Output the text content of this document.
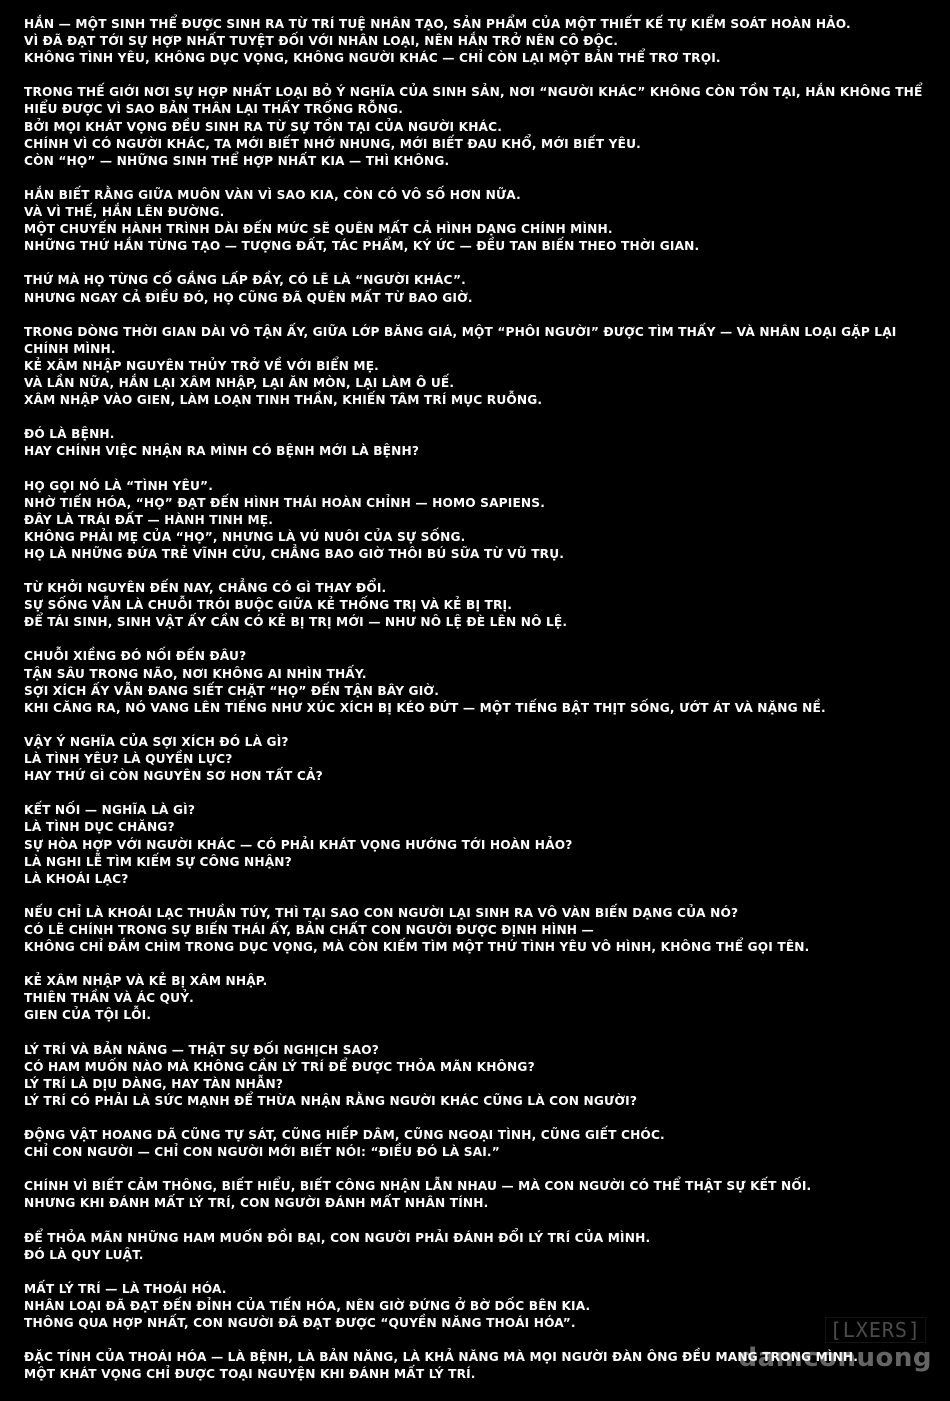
HẮN — MỘT SINH THỂ ĐƯỢC SINH RA TỪ TRÍ TUỆ NHÂN TẠO, SẢN PHẨM CỦA MỘT THIẾT KẾ TỰ KIỂM SOÁT HOÀN HẢO.
VÌ ĐÃ ĐẠT TỚI SỰ HỢP NHẤT TUYỆT ĐỐI VỚI NHÂN LOẠI, NÊN HẮN TRỞ NÊN CÔ ĐỘC.
KHÔNG TÌNH YÊU, KHÔNG DỤC VỌNG, KHÔNG NGƯỜI KHÁC — CHỈ CÒN LẠI MỘT BẢN THỂ TRƠ TRỌI.
TRONG THẾ GIỚI NƠI SỰ HỢP NHẤT LOẠI BỎ Ý NGHĨA CỦA SINH SẢN, NƠI “NGƯỜI KHÁC” KHÔNG CÒN TỒN TẠI, HẮN KHÔNG THỂ HIỂU ĐƯỢC VÌ SAO BẢN THÂN LẠI THẤY TRỐNG RỖNG.
BỞI MỌI KHÁT VỌNG ĐỀU SINH RA TỪ SỰ TỒN TẠI CỦA NGƯỜI KHÁC.
CHÍNH VÌ CÓ NGƯỜI KHÁC, TA MỚI BIẾT NHỚ NHUNG, MỚI BIẾT ĐAU KHỔ, MỚI BIẾT YÊU.
CÒN “HỌ” — NHỮNG SINH THỂ HỢP NHẤT KIA — THÌ KHÔNG.
HẮN BIẾT RẰNG GIỮA MUÔN VÀN VÌ SAO KIA, CÒN CÓ VÔ SỐ HƠN NỮA.
VÀ VÌ THẾ, HẮN LÊN ĐƯỜNG.
MỘT CHUYẾN HÀNH TRÌNH DÀI ĐẾN MỨC SẼ QUÊN MẤT CẢ HÌNH DẠNG CHÍNH MÌNH.
NHỮNG THỨ HẮN TỪNG TẠO — TƯỢNG ĐẤT, TÁC PHẨM, KÝ ỨC — ĐỀU TAN BIẾN THEO THỜI GIAN.
THỨ MÀ HỌ TỪNG CỐ GẮNG LẤP ĐẦY, CÓ LẼ LÀ “NGƯỜI KHÁC”.
NHƯNG NGAY CẢ ĐIỀU ĐÓ, HỌ CŨNG ĐÃ QUÊN MẤT TỪ BAO GIỜ.
TRONG DÒNG THỜI GIAN DÀI VÔ TẬN ẤY, GIỮA LỚP BĂNG GIÁ, MỘT “PHÔI NGƯỜI” ĐƯỢC TÌM THẤY — VÀ NHÂN LOẠI GẶP LẠI CHÍNH MÌNH.
KẺ XÂM NHẬP NGUYÊN THỦY TRỞ VỀ VỚI BIỂN MẸ.
VÀ LẦN NỮA, HẮN LẠI XÂM NHẬP, LẠI ĂN MÒN, LẠI LÀM Ô UẾ.
XÂM NHẬP VÀO GIEN, LÀM LOẠN TINH THẦN, KHIẾN TÂM TRÍ MỤC RUỖNG.
ĐÓ LÀ BỆNH.
HAY CHÍNH VIỆC NHẬN RA MÌNH CÓ BỆNH MỚI LÀ BỆNH?
HỌ GỌI NÓ LÀ “TÌNH YÊU”.
NHỜ TIẾN HÓA, “HỌ” ĐẠT ĐẾN HÌNH THÁI HOÀN CHỈNH — HOMO SAPIENS.
ĐÂY LÀ TRÁI ĐẤT — HÀNH TINH MẸ.
KHÔNG PHẢI MẸ CỦA “HỌ”, NHƯNG LÀ VÚ NUÔI CỦA SỰ SỐNG.
HỌ LÀ NHỮNG ĐỨA TRẺ VĨNH CỬU, CHẲNG BAO GIỜ THÔI BÚ SỮA TỪ VŨ TRỤ.
TỪ KHỞI NGUYÊN ĐẾN NAY, CHẲNG CÓ GÌ THAY ĐỔI.
SỰ SỐNG VẪN LÀ CHUỖI TRÓI BUỘC GIỮA KẺ THỐNG TRỊ VÀ KẺ BỊ TRỊ.
ĐỂ TÁI SINH, SINH VẬT ẤY CẦN CÓ KẺ BỊ TRỊ MỚI — NHƯ NÔ LỆ ĐÈ LÊN NÔ LỆ.
CHUỖI XIỀNG ĐÓ NỐI ĐẾN ĐÂU?
TẬN SÂU TRONG NÃO, NƠI KHÔNG AI NHÌN THẤY.
SỢI XÍCH ẤY VẪN ĐANG SIẾT CHẶT “HỌ” ĐẾN TẬN BÂY GIỜ.
KHI CĂNG RA, NÓ VANG LÊN TIẾNG NHƯ XÚC XÍCH BỊ KÉO ĐỨT — MỘT TIẾNG BẬT THỊT SỐNG, ƯỚT ÁT VÀ NẶNG NỀ.
VẬY Ý NGHĨA CỦA SỢI XÍCH ĐÓ LÀ GÌ?
LÀ TÌNH YÊU? LÀ QUYỀN LỰC?
HAY THỨ GÌ CÒN NGUYÊN SƠ HƠN TẤT CẢ?
KẾT NỐI — NGHĨA LÀ GÌ?
LÀ TÌNH DỤC CHĂNG?
SỰ HÒA HỢP VỚI NGƯỜI KHÁC — CÓ PHẢI KHÁT VỌNG HƯỚNG TỚI HOÀN HẢO?
LÀ NGHI LỄ TÌM KIẾM SỰ CÔNG NHẬN?
LÀ KHOÁI LẠC?
NẾU CHỈ LÀ KHOÁI LẠC THUẦN TÚY, THÌ TẠI SAO CON NGƯỜI LẠI SINH RA VÔ VÀN BIẾN DẠNG CỦA NÓ?
CÓ LẼ CHÍNH TRONG SỰ BIẾN THÁI ẤY, BẢN CHẤT CON NGƯỜI ĐƯỢC ĐỊNH HÌNH —
KHÔNG CHỈ ĐẮM CHÌM TRONG DỤC VỌNG, MÀ CÒN KIẾM TÌM MỘT THỨ TÌNH YÊU VÔ HÌNH, KHÔNG THỂ GỌI TÊN.
KẺ XÂM NHẬP VÀ KẺ BỊ XÂM NHẬP.
THIÊN THẦN VÀ ÁC QUỶ.
GIEN CỦA TỘI LỖI.
LÝ TRÍ VÀ BẢN NĂNG — THẬT SỰ ĐỐI NGHỊCH SAO?
CÓ HAM MUỐN NÀO MÀ KHÔNG CẦN LÝ TRÍ ĐỂ ĐƯỢC THỎA MÃN KHÔNG?
LÝ TRÍ LÀ DỊU DÀNG, HAY TÀN NHẪN?
LÝ TRÍ CÓ PHẢI LÀ SỨC MẠNH ĐỂ THỪA NHẬN RẰNG NGƯỜI KHÁC CŨNG LÀ CON NGƯỜI?
ĐỘNG VẬT HOANG DÃ CŨNG TỰ SÁT, CŨNG HIẾP DÂM, CŨNG NGOẠI TÌNH, CŨNG GIẾT CHÓC.
CHỈ CON NGƯỜI — CHỈ CON NGƯỜI MỚI BIẾT NÓI: “ĐIỀU ĐÓ LÀ SAI.”
CHÍNH VÌ BIẾT CẢM THÔNG, BIẾT HIỂU, BIẾT CÔNG NHẬN LẪN NHAU — MÀ CON NGƯỜI CÓ THỂ THẬT SỰ KẾT NỐI.
NHƯNG KHI ĐÁNH MẤT LÝ TRÍ, CON NGƯỜI ĐÁNH MẤT NHÂN TÍNH.
ĐỂ THỎA MÃN NHỮNG HAM MUỐN ĐỒI BẠI, CON NGƯỜI PHẢI ĐÁNH ĐỔI LÝ TRÍ CỦA MÌNH.
ĐÓ LÀ QUY LUẬT.
MẤT LÝ TRÍ — LÀ THOÁI HÓA.
NHÂN LOẠI ĐÃ ĐẠT ĐẾN ĐỈNH CỦA TIẾN HÓA, NÊN GIỜ ĐỨNG Ở BỜ DỐC BÊN KIA.
THÔNG QUA HỢP NHẤT, CON NGƯỜI ĐÃ ĐẠT ĐƯỢC “QUYỀN NĂNG THOÁI HÓA”.
ĐẶC TÍNH CỦA THOÁI HÓA — LÀ BỆNH, LÀ BẢN NĂNG, LÀ KHẢ NĂNG MÀ MỌI NGƯỜI ĐÀN ÔNG ĐỀU MANG TRONG MÌNH.
MỘT KHÁT VỌNG CHỈ ĐƯỢC TOẠI NGUYỆN KHI ĐÁNH MẤT LÝ TRÍ.
[LXERS]
damconuong
